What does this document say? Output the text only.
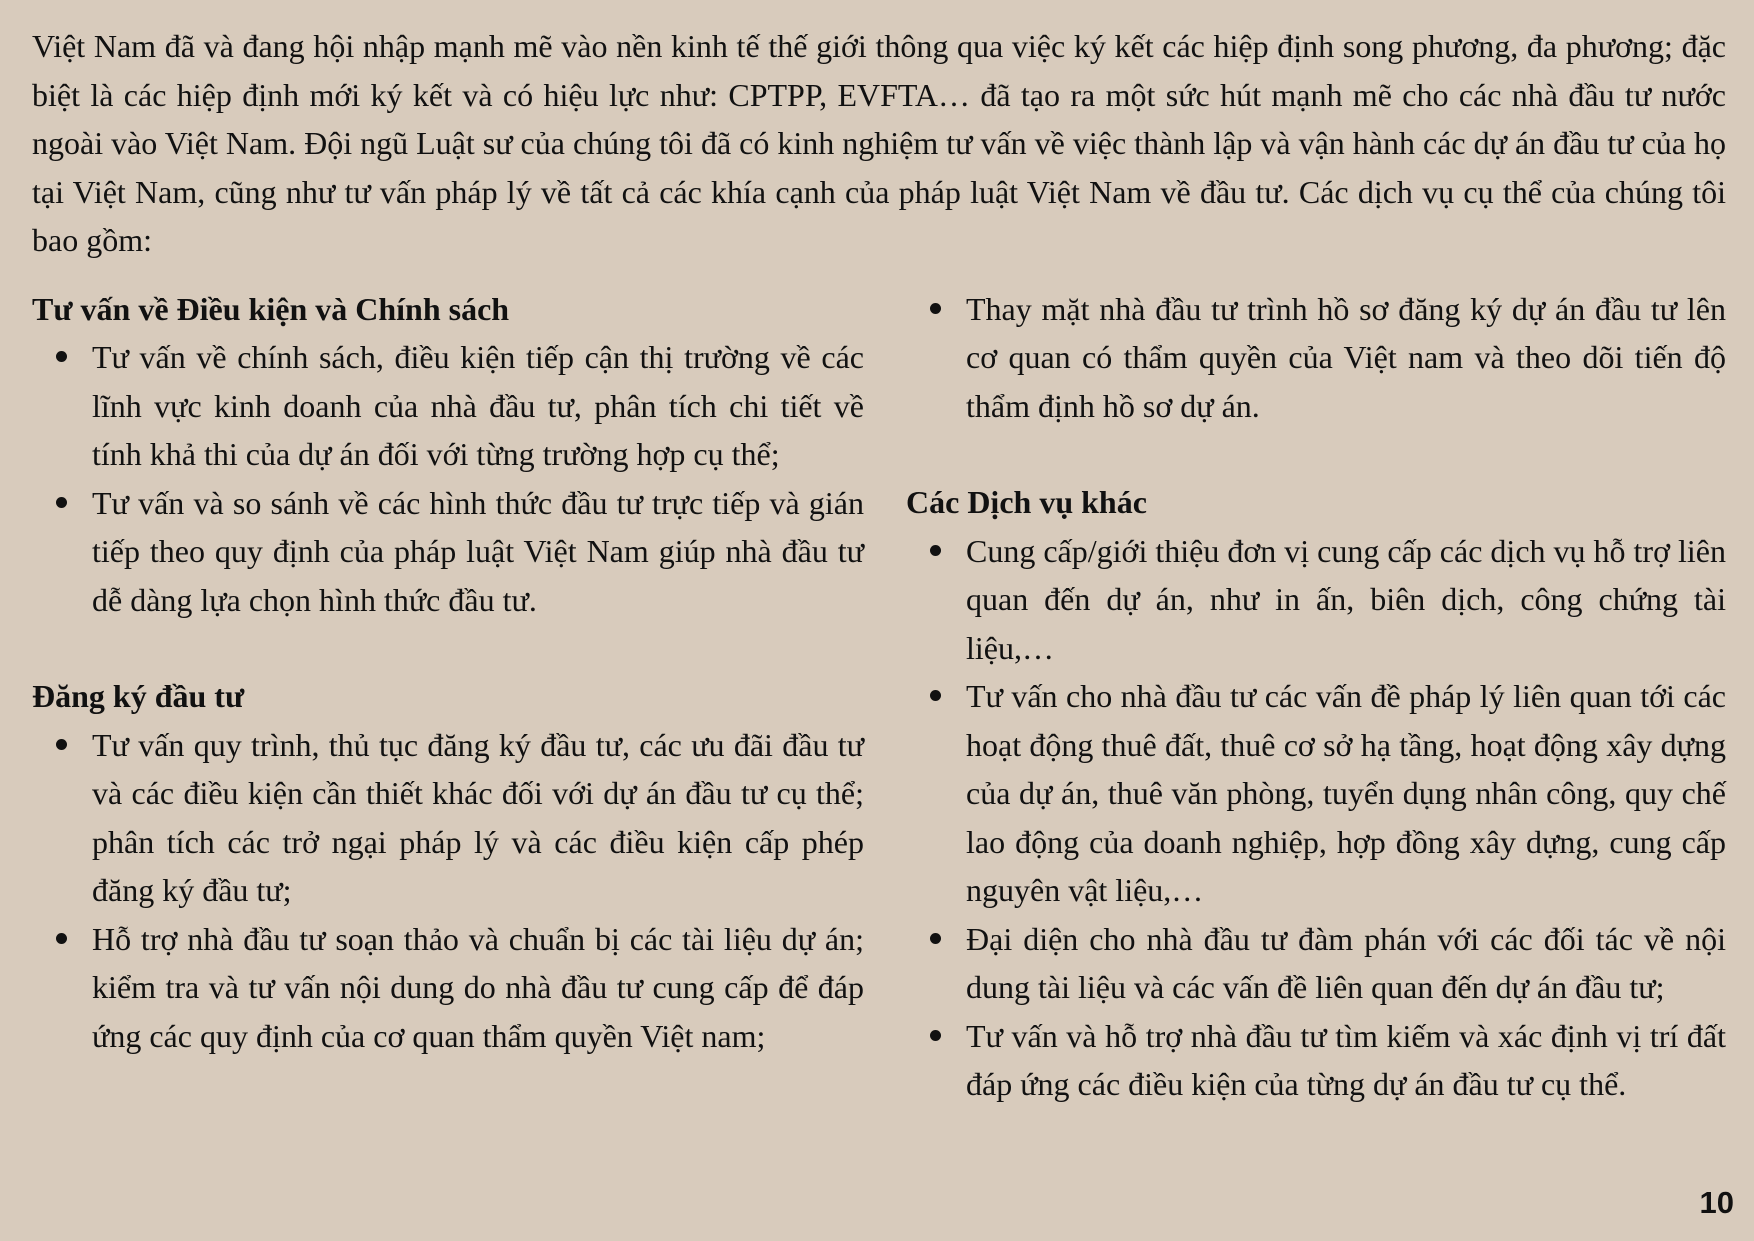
Việt Nam đã và đang hội nhập mạnh mẽ vào nền kinh tế thế giới thông qua việc ký kết các hiệp định song phương, đa phương; đặc biệt là các hiệp định mới ký kết và có hiệu lực như: CPTPP, EVFTA… đã tạo ra một sức hút mạnh mẽ cho các nhà đầu tư nước ngoài vào Việt Nam. Đội ngũ Luật sư của chúng tôi đã có kinh nghiệm tư vấn về việc thành lập và vận hành các dự án đầu tư của họ tại Việt Nam, cũng như tư vấn pháp lý về tất cả các khía cạnh của pháp luật Việt Nam về đầu tư. Các dịch vụ cụ thể của chúng tôi bao gồm:

Tư vấn về Điều kiện và Chính sách
Tư vấn về chính sách, điều kiện tiếp cận thị trường về các lĩnh vực kinh doanh của nhà đầu tư, phân tích chi tiết về tính khả thi của dự án đối với từng trường hợp cụ thể;
Tư vấn và so sánh về các hình thức đầu tư trực tiếp và gián tiếp theo quy định của pháp luật Việt Nam giúp nhà đầu tư dễ dàng lựa chọn hình thức đầu tư.
Đăng ký đầu tư
Tư vấn quy trình, thủ tục đăng ký đầu tư, các ưu đãi đầu tư và các điều kiện cần thiết khác đối với dự án đầu tư cụ thể; phân tích các trở ngại pháp lý và các điều kiện cấp phép đăng ký đầu tư;
Hỗ trợ nhà đầu tư soạn thảo và chuẩn bị các tài liệu dự án; kiểm tra và tư vấn nội dung do nhà đầu tư cung cấp để đáp ứng các quy định của cơ quan thẩm quyền Việt nam;
Thay mặt nhà đầu tư trình hồ sơ đăng ký dự án đầu tư lên cơ quan có thẩm quyền của Việt nam và theo dõi tiến độ thẩm định hồ sơ dự án.
Các Dịch vụ khác
Cung cấp/giới thiệu đơn vị cung cấp các dịch vụ hỗ trợ liên quan đến dự án, như in ấn, biên dịch, công chứng tài liệu,…
Tư vấn cho nhà đầu tư các vấn đề pháp lý liên quan tới các hoạt động thuê đất, thuê cơ sở hạ tầng, hoạt động xây dựng của dự án, thuê văn phòng, tuyển dụng nhân công, quy chế lao động của doanh nghiệp, hợp đồng xây dựng, cung cấp nguyên vật liệu,…
Đại diện cho nhà đầu tư đàm phán với các đối tác về nội dung tài liệu và các vấn đề liên quan đến dự án đầu tư;
Tư vấn và hỗ trợ nhà đầu tư tìm kiếm và xác định vị trí đất đáp ứng các điều kiện của từng dự án đầu tư cụ thể.
10
